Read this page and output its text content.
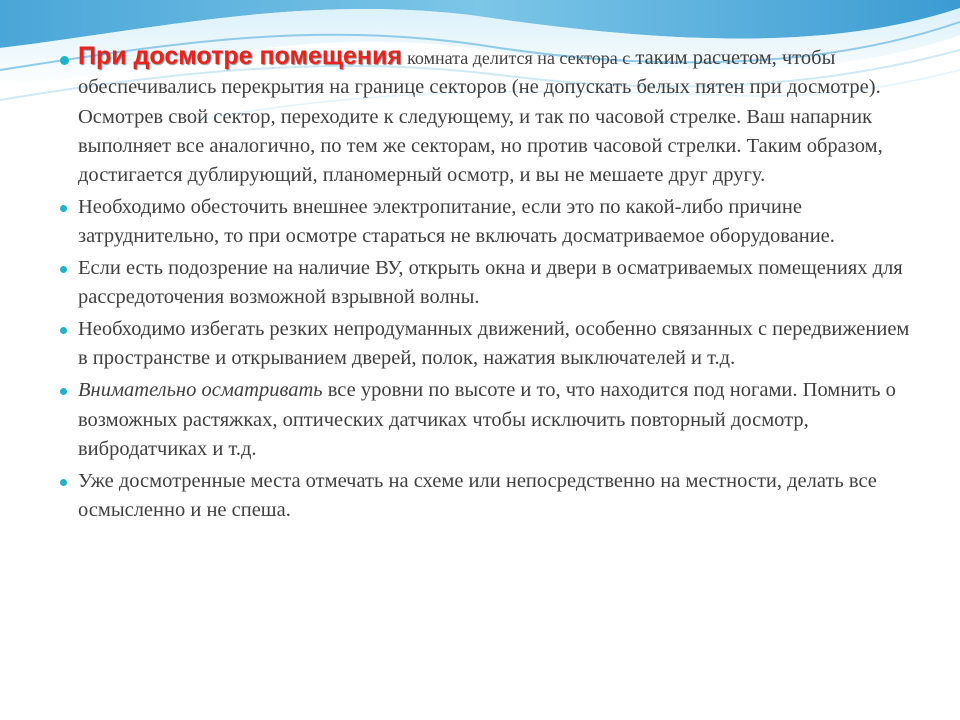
При досмотре помещения комната делится на сектора с таким расчетом, чтобы обеспечивались перекрытия на границе секторов (не допускать белых пятен при досмотре). Осмотрев свой сектор, переходите к следующему, и так по часовой стрелке. Ваш напарник выполняет все аналогично, по тем же секторам, но против часовой стрелки. Таким образом, достигается дублирующий, планомерный осмотр, и вы не мешаете друг другу.
Необходимо обесточить внешнее электропитание, если это по какой-либо причине затруднительно, то при осмотре стараться не включать досматриваемое оборудование.
Если есть подозрение на наличие ВУ, открыть окна и двери в осматриваемых помещениях для рассредоточения возможной взрывной волны.
Необходимо избегать резких непродуманных движений, особенно связанных с передвижением в пространстве и открыванием дверей, полок, нажатия выключателей и т.д.
Внимательно осматривать все уровни по высоте и то, что находится под ногами. Помнить о возможных растяжках, оптических датчиках чтобы исключить повторный досмотр, вибродатчиках и т.д.
Уже досмотренные места отмечать на схеме или непосредственно на местности, делать все осмысленно и не спеша.
